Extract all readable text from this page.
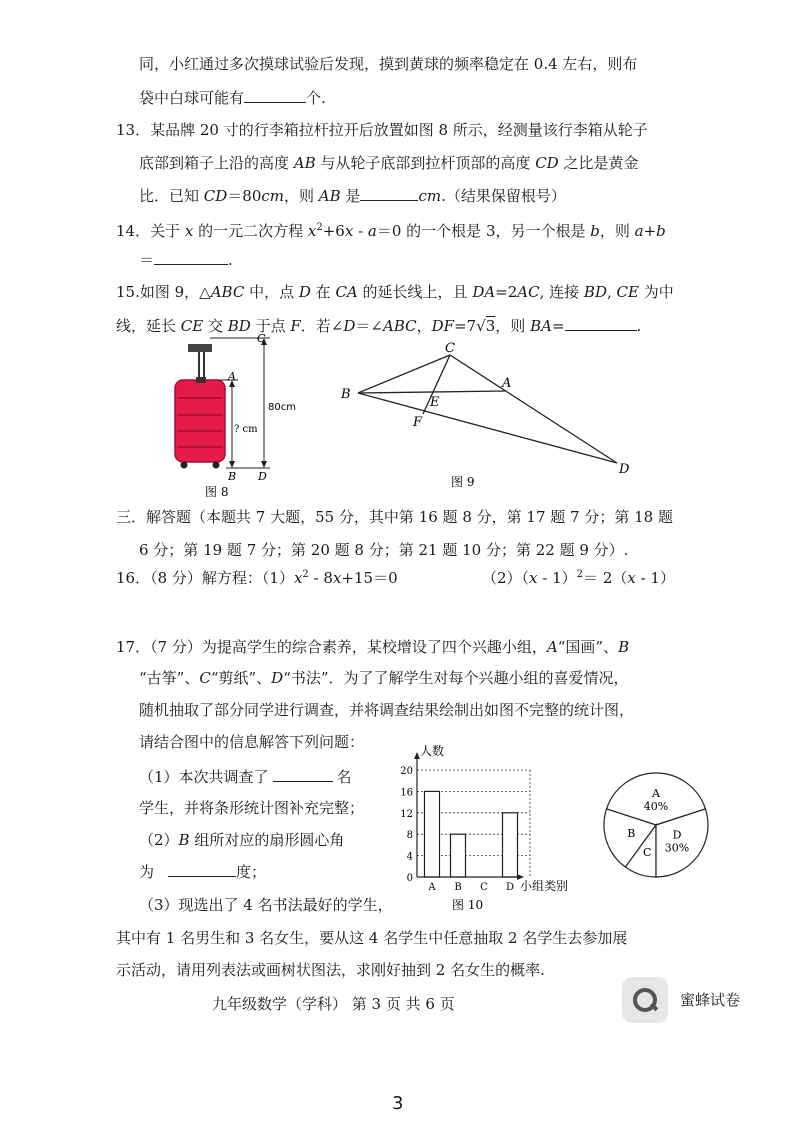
同，小红通过多次摸球试验后发现，摸到黄球的频率稳定在 0.4 左右，则布
袋中白球可能有	个.
13．某品牌 20 寸的行李箱拉杆拉开后放置如图 8 所示，经测量该行李箱从轮子
底部到箱子上沿的高度 AB 与从轮子底部到拉杆顶部的高度 CD 之比是黄金
比．已知 CD＝80cm，则 AB 是	cm.（结果保留根号）
14．关于 x 的一元二次方程 $x^2+6x - a=0$ 的一个根是 3，另一个根是 b，则 a+b
＝	.
15.如图 9，△ABC 中，点 D 在 CA 的延长线上，且 DA=2AC, 连接 BD, CE 为中
线，延长 CE 交 BD 于点 F．若∠D＝∠ABC，DF=7√3，则 BA=	.
C
A
B D
? cm
80cm
图 8
C
A
B
E
F
D
图 9
三．解答题（本题共 7 大题，55 分，其中第 16 题 8 分，第 17 题 7 分；第 18 题
6 分；第 19 题 7 分；第 20 题 8 分；第 21 题 10 分；第 22 题 9 分）.
16．（8 分）解方程：$(1)x^2 - 8x+15=0$	（2）（x - 1）$^2$＝ 2（x - 1）
17．（7 分）为提高学生的综合素养，某校增设了四个兴趣小组，A“国画”、B
“古筝”、C“剪纸”、D“书法”．为了了解学生对每个兴趣小组的喜爱情况，
随机抽取了部分同学进行调查，并将调查结果绘制出如图不完整的统计图，
请结合图中的信息解答下列问题：
（1）本次共调查了	名
学生，并将条形统计图补充完整；
（2）B 组所对应的扇形圆心角
为	度；
（3）现选出了 4 名书法最好的学生，
其中有 1 名男生和 3 名女生，要从这 4 名学生中任意抽取 2 名学生去参加展
示活动，请用列表法或画树状图法，求刚好抽到 2 名女生的概率.
0
4
8
12
16
20
A B C D
人数
小组类别
图 10
A
40%
B
C
D
30%
九年级数学（学科） 第 3 页 共 6 页	蜜蜂试卷
3
